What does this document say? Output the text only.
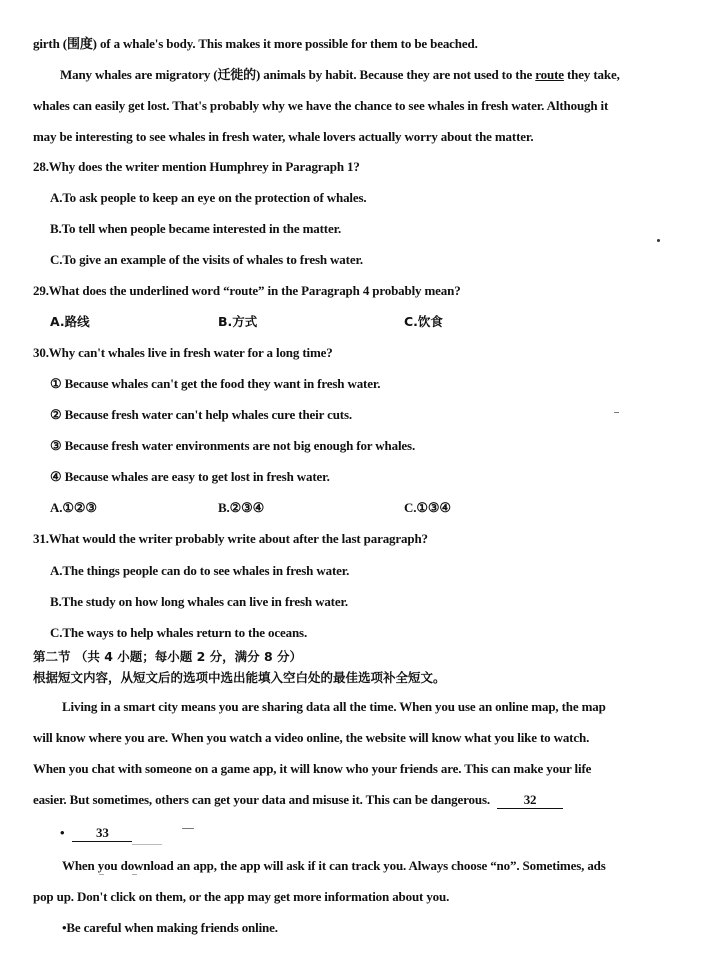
girth (围度) of a whale's body. This makes it more possible for them to be beached.
Many whales are migratory (迁徙的) animals by habit. Because they are not used to the route they take,
whales can easily get lost. That's probably why we have the chance to see whales in fresh water. Although it
may be interesting to see whales in fresh water, whale lovers actually worry about the matter.
28.Why does the writer mention Humphrey in Paragraph 1?
A.To ask people to keep an eye on the protection of whales.
B.To tell when people became interested in the matter.
C.To give an example of the visits of whales to fresh water.
29.What does the underlined word “route” in the Paragraph 4 probably mean?
A.路线	B.方式	C.饮食
30.Why can't whales live in fresh water for a long time?
① Because whales can't get the food they want in fresh water.
② Because fresh water can't help whales cure their cuts.
③ Because fresh water environments are not big enough for whales.
④ Because whales are easy to get lost in fresh water.
A.①②③	B.②③④	C.①③④
31.What would the writer probably write about after the last paragraph?
A.The things people can do to see whales in fresh water.
B.The study on how long whales can live in fresh water.
C.The ways to help whales return to the oceans.
第二节 （共 4 小题；每小题 2 分，满分 8 分）
根据短文内容，从短文后的选项中选出能填入空白处的最佳选项补全短文。
Living in a smart city means you are sharing data all the time. When you use an online map, the map
will know where you are. When you watch a video online, the website will know what you like to watch.
When you chat with someone on a game app, it will know who your friends are. This can make your life
easier. But sometimes, others can get your data and misuse it. This can be dangerous. 32
• 33
When you download an app, the app will ask if it can track you. Always choose “no”. Sometimes, ads
pop up. Don't click on them, or the app may get more information about you.
•Be careful when making friends online.
